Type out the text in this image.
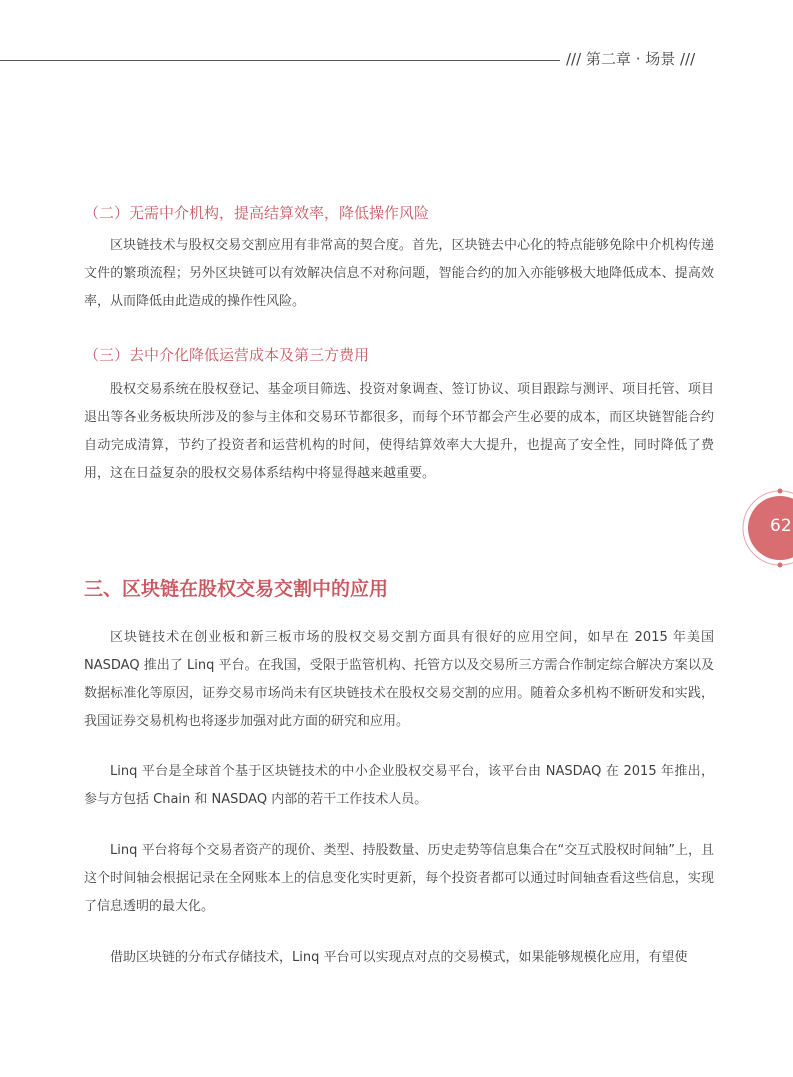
/// 第二章 · 场景 ///
（二）无需中介机构，提高结算效率，降低操作风险

区块链技术与股权交易交割应用有非常高的契合度。首先，区块链去中心化的特点能够免除中介机构传递文件的繁琐流程；另外区块链可以有效解决信息不对称问题，智能合约的加入亦能够极大地降低成本、提高效率，从而降低由此造成的操作性风险。

（三）去中介化降低运营成本及第三方费用

股权交易系统在股权登记、基金项目筛选、投资对象调查、签订协议、项目跟踪与测评、项目托管、项目退出等各业务板块所涉及的参与主体和交易环节都很多，而每个环节都会产生必要的成本，而区块链智能合约自动完成清算，节约了投资者和运营机构的时间，使得结算效率大大提升，也提高了安全性，同时降低了费用，这在日益复杂的股权交易体系结构中将显得越来越重要。

62
三、区块链在股权交易交割中的应用

区块链技术在创业板和新三板市场的股权交易交割方面具有很好的应用空间，如早在 2015 年美国 NASDAQ 推出了 Linq 平台。在我国，受限于监管机构、托管方以及交易所三方需合作制定综合解决方案以及数据标准化等原因，证券交易市场尚未有区块链技术在股权交易交割的应用。随着众多机构不断研发和实践，我国证券交易机构也将逐步加强对此方面的研究和应用。

Linq 平台是全球首个基于区块链技术的中小企业股权交易平台，该平台由 NASDAQ 在 2015 年推出，参与方包括 Chain 和 NASDAQ 内部的若干工作技术人员。

Linq 平台将每个交易者资产的现价、类型、持股数量、历史走势等信息集合在“交互式股权时间轴”上，且这个时间轴会根据记录在全网账本上的信息变化实时更新，每个投资者都可以通过时间轴查看这些信息，实现了信息透明的最大化。

借助区块链的分布式存储技术，Linq 平台可以实现点对点的交易模式，如果能够规模化应用，有望使
